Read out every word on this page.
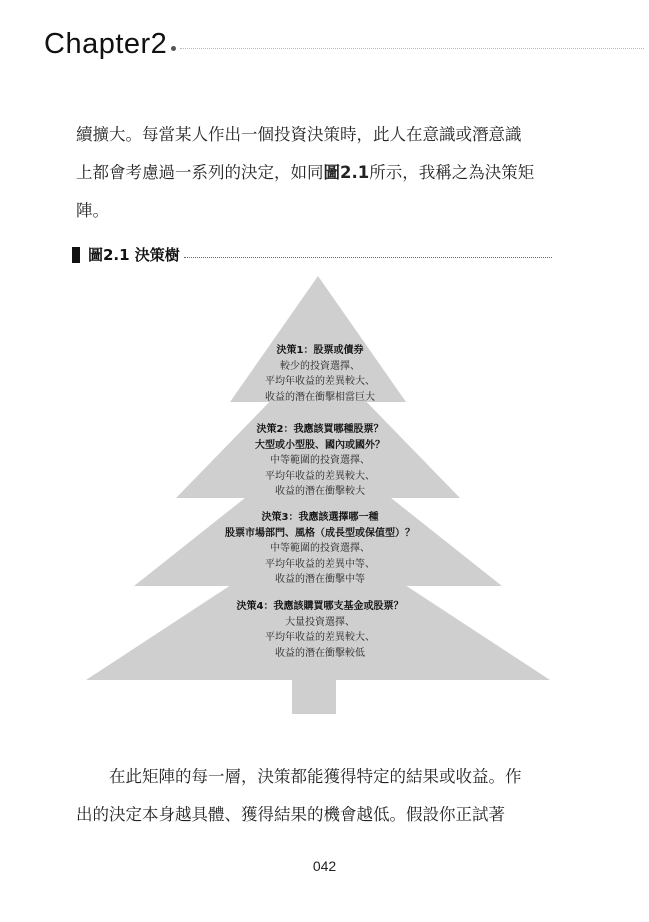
Chapter2
續擴大。每當某人作出一個投資決策時，此人在意識或潛意識
上都會考慮過一系列的決定，如同圖2.1所示，我稱之為決策矩
陣。
圖2.1 決策樹
決策1：股票或債券
較少的投資選擇、
平均年收益的差異較大、
收益的潛在衝擊相當巨大
決策2：我應該買哪種股票？
大型或小型股、國內或國外？
中等範圍的投資選擇、
平均年收益的差異較大、
收益的潛在衝擊較大
決策3：我應該選擇哪一種
股票市場部門、風格（成長型或保值型）？
中等範圍的投資選擇、
平均年收益的差異中等、
收益的潛在衝擊中等
決策4：我應該購買哪支基金或股票？
大量投資選擇、
平均年收益的差異較大、
收益的潛在衝擊較低
　　在此矩陣的每一層，決策都能獲得特定的結果或收益。作
出的決定本身越具體、獲得結果的機會越低。假設你正試著
042
